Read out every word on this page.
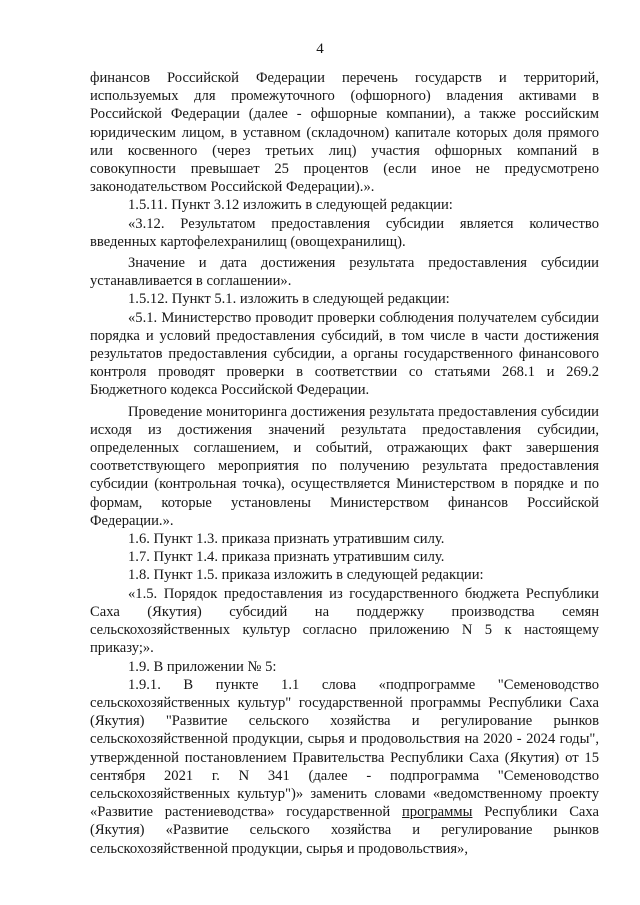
4

финансов Российской Федерации перечень государств и территорий, используемых для промежуточного (офшорного) владения активами в Российской Федерации (далее - офшорные компании), а также российским юридическим лицом, в уставном (складочном) капитале которых доля прямого или косвенного (через третьих лиц) участия офшорных компаний в совокупности превышает 25 процентов (если иное не предусмотрено законодательством Российской Федерации).».

1.5.11. Пункт 3.12 изложить в следующей редакции:

«3.12. Результатом предоставления субсидии является количество введенных картофелехранилищ (овощехранилищ).

Значение и дата достижения результата предоставления субсидии устанавливается в соглашении».

1.5.12. Пункт 5.1. изложить в следующей редакции:

«5.1. Министерство проводит проверки соблюдения получателем субсидии порядка и условий предоставления субсидий, в том числе в части достижения результатов предоставления субсидии, а органы государственного финансового контроля проводят проверки в соответствии со статьями 268.1 и 269.2 Бюджетного кодекса Российской Федерации.

Проведение мониторинга достижения результата предоставления субсидии исходя из достижения значений результата предоставления субсидии, определенных соглашением, и событий, отражающих факт завершения соответствующего мероприятия по получению результата предоставления субсидии (контрольная точка), осуществляется Министерством в порядке и по формам, которые установлены Министерством финансов Российской Федерации.».

1.6. Пункт 1.3. приказа признать утратившим силу.

1.7. Пункт 1.4. приказа признать утратившим силу.

1.8. Пункт 1.5. приказа изложить в следующей редакции:

«1.5. Порядок предоставления из государственного бюджета Республики Саха (Якутия) субсидий на поддержку производства семян сельскохозяйственных культур согласно приложению N 5 к настоящему приказу;».

1.9. В приложении № 5:

1.9.1. В пункте 1.1 слова «подпрограмме "Семеноводство сельскохозяйственных культур" государственной программы Республики Саха (Якутия) "Развитие сельского хозяйства и регулирование рынков сельскохозяйственной продукции, сырья и продовольствия на 2020 - 2024 годы", утвержденной постановлением Правительства Республики Саха (Якутия) от 15 сентября 2021 г. N 341 (далее - подпрограмма "Семеноводство сельскохозяйственных культур")» заменить словами «ведомственному проекту «Развитие растениеводства» государственной программы Республики Саха (Якутия) «Развитие сельского хозяйства и регулирование рынков сельскохозяйственной продукции, сырья и продовольствия»,
